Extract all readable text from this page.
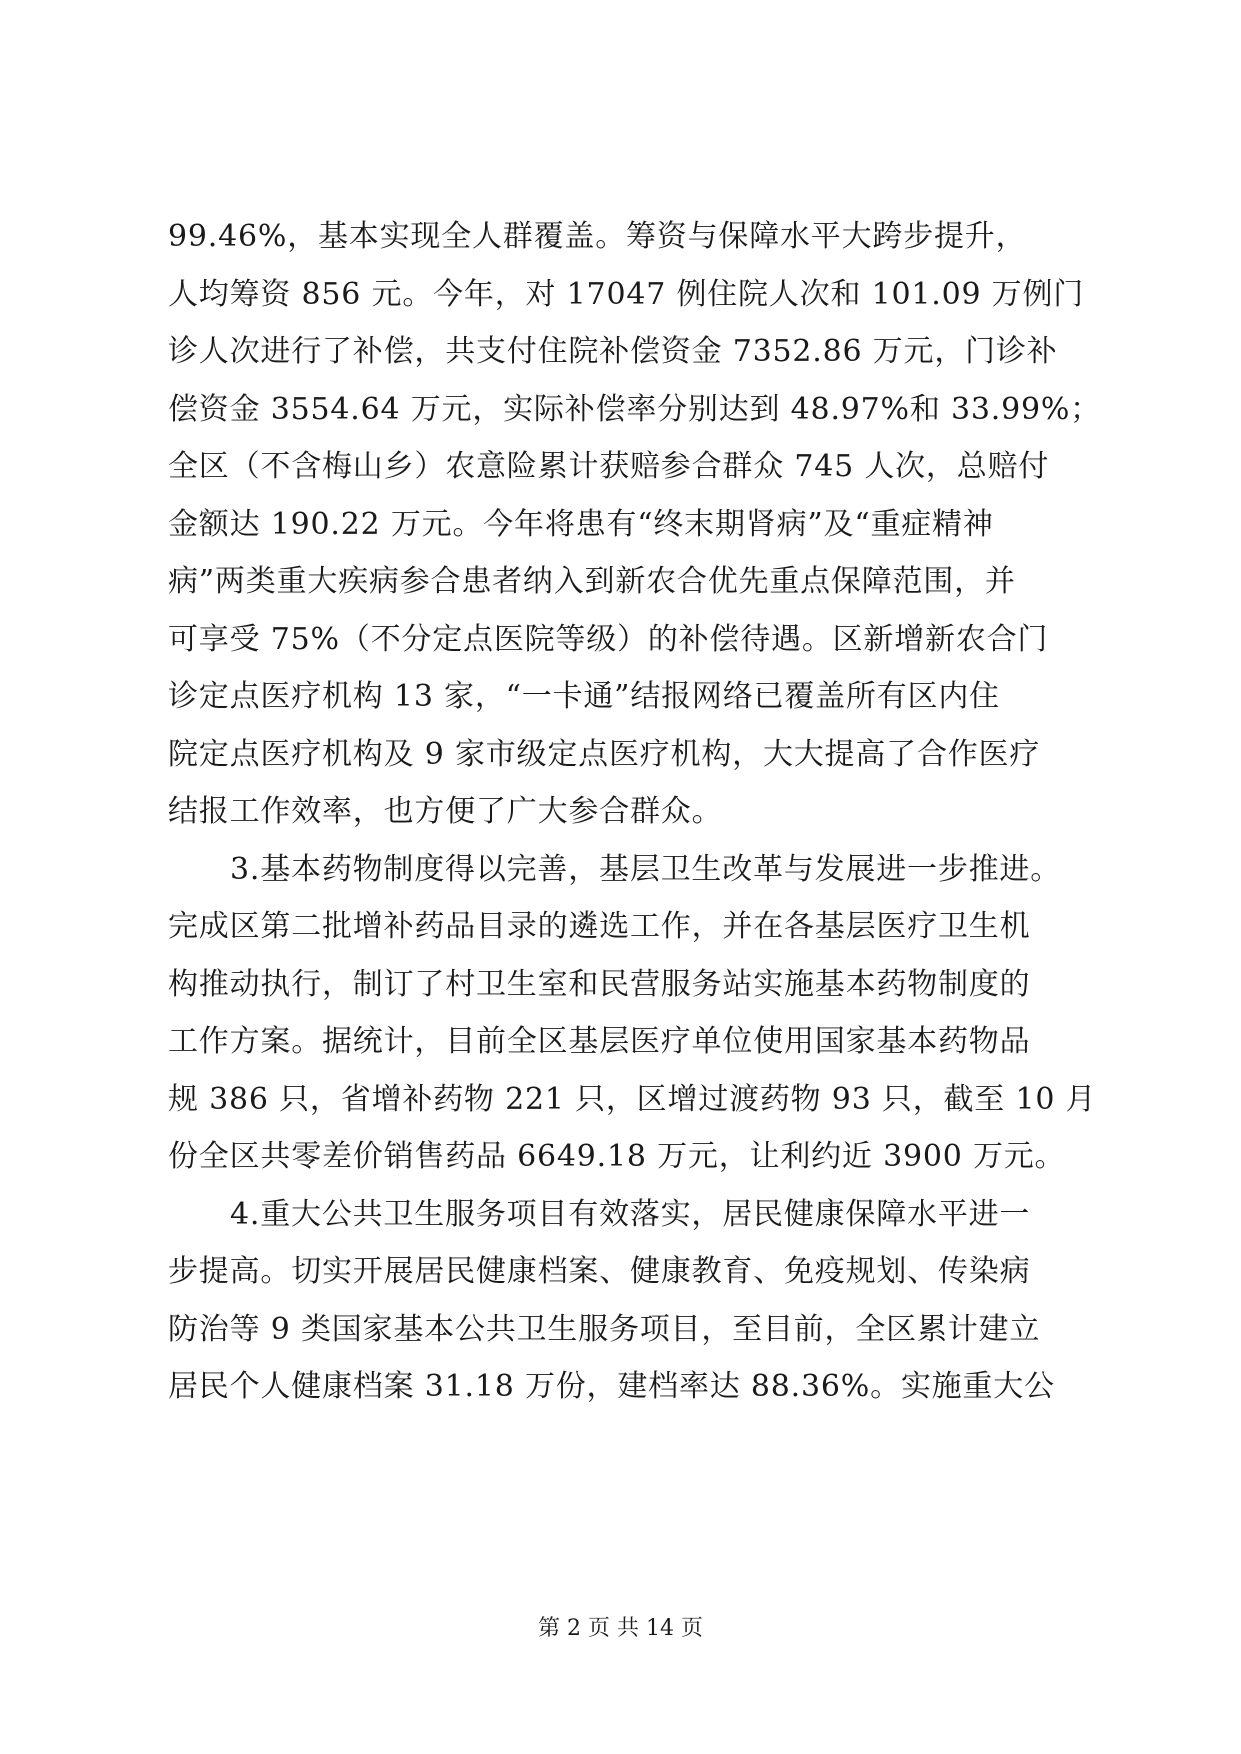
99.46%，基本实现全人群覆盖。筹资与保障水平大跨步提升，
人均筹资 856 元。今年，对 17047 例住院人次和 101.09 万例门
诊人次进行了补偿，共支付住院补偿资金 7352.86 万元，门诊补
偿资金 3554.64 万元，实际补偿率分别达到 48.97%和 33.99%；
全区（不含梅山乡）农意险累计获赔参合群众 745 人次，总赔付
金额达 190.22 万元。今年将患有“终末期肾病”及“重症精神
病”两类重大疾病参合患者纳入到新农合优先重点保障范围，并
可享受 75%（不分定点医院等级）的补偿待遇。区新增新农合门
诊定点医疗机构 13 家，“一卡通”结报网络已覆盖所有区内住
院定点医疗机构及 9 家市级定点医疗机构，大大提高了合作医疗
结报工作效率，也方便了广大参合群众。
3.基本药物制度得以完善，基层卫生改革与发展进一步推进。
完成区第二批增补药品目录的遴选工作，并在各基层医疗卫生机
构推动执行，制订了村卫生室和民营服务站实施基本药物制度的
工作方案。据统计，目前全区基层医疗单位使用国家基本药物品
规 386 只，省增补药物 221 只，区增过渡药物 93 只，截至 10 月
份全区共零差价销售药品 6649.18 万元，让利约近 3900 万元。
4.重大公共卫生服务项目有效落实，居民健康保障水平进一
步提高。切实开展居民健康档案、健康教育、免疫规划、传染病
防治等 9 类国家基本公共卫生服务项目，至目前，全区累计建立
居民个人健康档案 31.18 万份，建档率达 88.36%。实施重大公
第 2 页 共 14 页
